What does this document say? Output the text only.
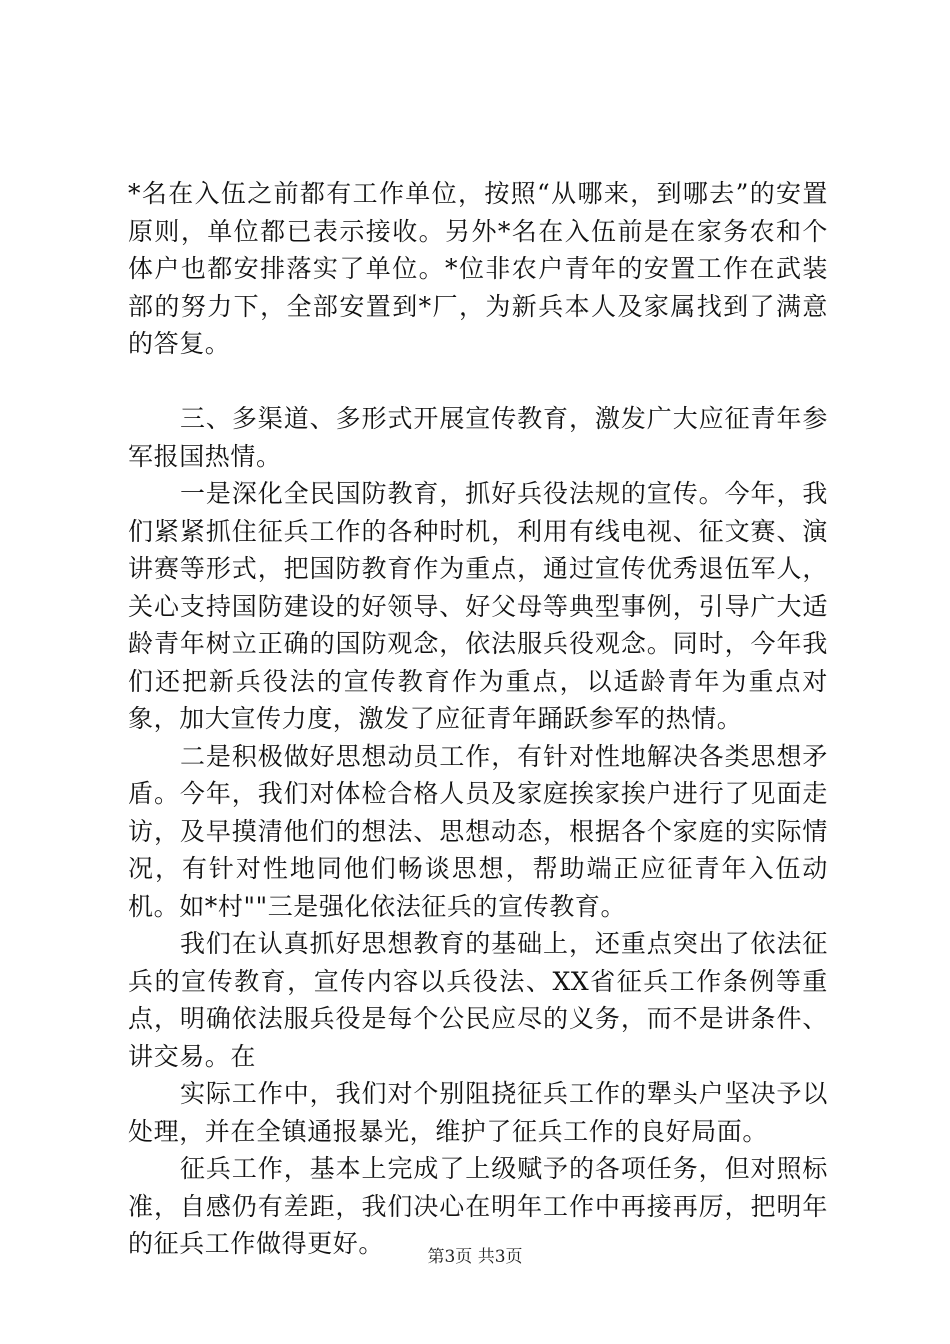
*名在入伍之前都有工作单位，按照“从哪来，到哪去”的安置原则，单位都已表示接收。另外*名在入伍前是在家务农和个体户也都安排落实了单位。*位非农户青年的安置工作在武装部的努力下，全部安置到*厂，为新兵本人及家属找到了满意的答复。

三、多渠道、多形式开展宣传教育，激发广大应征青年参军报国热情。

一是深化全民国防教育，抓好兵役法规的宣传。今年，我们紧紧抓住征兵工作的各种时机，利用有线电视、征文赛、演讲赛等形式，把国防教育作为重点，通过宣传优秀退伍军人，关心支持国防建设的好领导、好父母等典型事例，引导广大适龄青年树立正确的国防观念，依法服兵役观念。同时，今年我们还把新兵役法的宣传教育作为重点，以适龄青年为重点对象，加大宣传力度，激发了应征青年踊跃参军的热情。

二是积极做好思想动员工作，有针对性地解决各类思想矛盾。今年，我们对体检合格人员及家庭挨家挨户进行了见面走访，及早摸清他们的想法、思想动态，根据各个家庭的实际情况，有针对性地同他们畅谈思想，帮助端正应征青年入伍动机。如*村""三是强化依法征兵的宣传教育。

我们在认真抓好思想教育的基础上，还重点突出了依法征兵的宣传教育，宣传内容以兵役法、XX省征兵工作条例等重点，明确依法服兵役是每个公民应尽的义务，而不是讲条件、讲交易。在

实际工作中，我们对个别阻挠征兵工作的犟头户坚决予以处理，并在全镇通报暴光，维护了征兵工作的良好局面。

征兵工作，基本上完成了上级赋予的各项任务，但对照标准，自感仍有差距，我们决心在明年工作中再接再厉，把明年的征兵工作做得更好。	第3页 共3页
